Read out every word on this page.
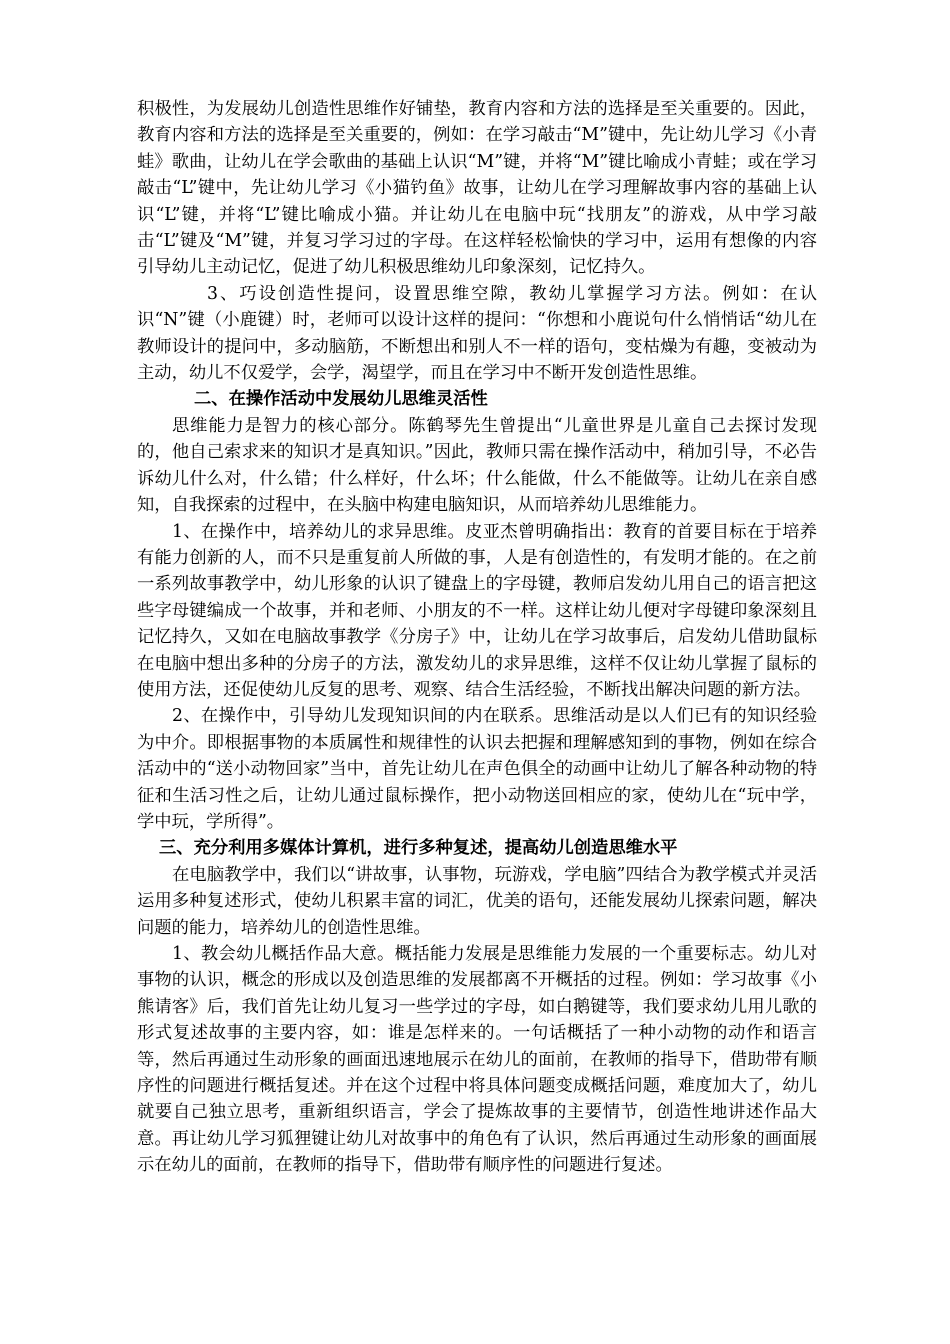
积极性，为发展幼儿创造性思维作好铺垫，教育内容和方法的选择是至关重要的。因此，教育内容和方法的选择是至关重要的，例如：在学习敲击“M”键中，先让幼儿学习《小青蛙》歌曲，让幼儿在学会歌曲的基础上认识“M”键，并将“M”键比喻成小青蛙；或在学习敲击“L”键中，先让幼儿学习《小猫钓鱼》故事，让幼儿在学习理解故事内容的基础上认识“L”键，并将“L”键比喻成小猫。并让幼儿在电脑中玩“找朋友”的游戏，从中学习敲击“L”键及“M”键，并复习学习过的字母。在这样轻松愉快的学习中，运用有想像的内容引导幼儿主动记忆，促进了幼儿积极思维幼儿印象深刻，记忆持久。

3、巧设创造性提问，设置思维空隙，教幼儿掌握学习方法。例如：在认识“N”键（小鹿键）时，老师可以设计这样的提问：“你想和小鹿说句什么悄悄话“幼儿在教师设计的提问中，多动脑筋，不断想出和别人不一样的语句，变枯燥为有趣，变被动为主动，幼儿不仅爱学，会学，渴望学，而且在学习中不断开发创造性思维。

二、在操作活动中发展幼儿思维灵活性

思维能力是智力的核心部分。陈鹤琴先生曾提出“儿童世界是儿童自己去探讨发现的，他自己索求来的知识才是真知识。”因此，教师只需在操作活动中，稍加引导，不必告诉幼儿什么对，什么错；什么样好，什么坏；什么能做，什么不能做等。让幼儿在亲自感知，自我探索的过程中，在头脑中构建电脑知识，从而培养幼儿思维能力。

1、在操作中，培养幼儿的求异思维。皮亚杰曾明确指出：教育的首要目标在于培养有能力创新的人，而不只是重复前人所做的事，人是有创造性的，有发明才能的。在之前一系列故事教学中，幼儿形象的认识了键盘上的字母键，教师启发幼儿用自己的语言把这些字母键编成一个故事，并和老师、小朋友的不一样。这样让幼儿便对字母键印象深刻且记忆持久，又如在电脑故事教学《分房子》中，让幼儿在学习故事后，启发幼儿借助鼠标在电脑中想出多种的分房子的方法，激发幼儿的求异思维，这样不仅让幼儿掌握了鼠标的使用方法，还促使幼儿反复的思考、观察、结合生活经验，不断找出解决问题的新方法。

2、在操作中，引导幼儿发现知识间的内在联系。思维活动是以人们已有的知识经验为中介。即根据事物的本质属性和规律性的认识去把握和理解感知到的事物，例如在综合活动中的“送小动物回家”当中，首先让幼儿在声色俱全的动画中让幼儿了解各种动物的特征和生活习性之后，让幼儿通过鼠标操作，把小动物送回相应的家，使幼儿在“玩中学，学中玩，学所得”。

三、充分利用多媒体计算机，进行多种复述，提高幼儿创造思维水平

在电脑教学中，我们以“讲故事，认事物，玩游戏，学电脑”四结合为教学模式并灵活运用多种复述形式，使幼儿积累丰富的词汇，优美的语句，还能发展幼儿探索问题，解决问题的能力，培养幼儿的创造性思维。

1、教会幼儿概括作品大意。概括能力发展是思维能力发展的一个重要标志。幼儿对事物的认识，概念的形成以及创造思维的发展都离不开概括的过程。例如：学习故事《小熊请客》后，我们首先让幼儿复习一些学过的字母，如白鹅键等，我们要求幼儿用儿歌的形式复述故事的主要内容，如：谁是怎样来的。一句话概括了一种小动物的动作和语言等，然后再通过生动形象的画面迅速地展示在幼儿的面前，在教师的指导下，借助带有顺序性的问题进行概括复述。并在这个过程中将具体问题变成概括问题，难度加大了，幼儿就要自己独立思考，重新组织语言，学会了提炼故事的主要情节，创造性地讲述作品大意。再让幼儿学习狐狸键让幼儿对故事中的角色有了认识，然后再通过生动形象的画面展示在幼儿的面前，在教师的指导下，借助带有顺序性的问题进行复述。
